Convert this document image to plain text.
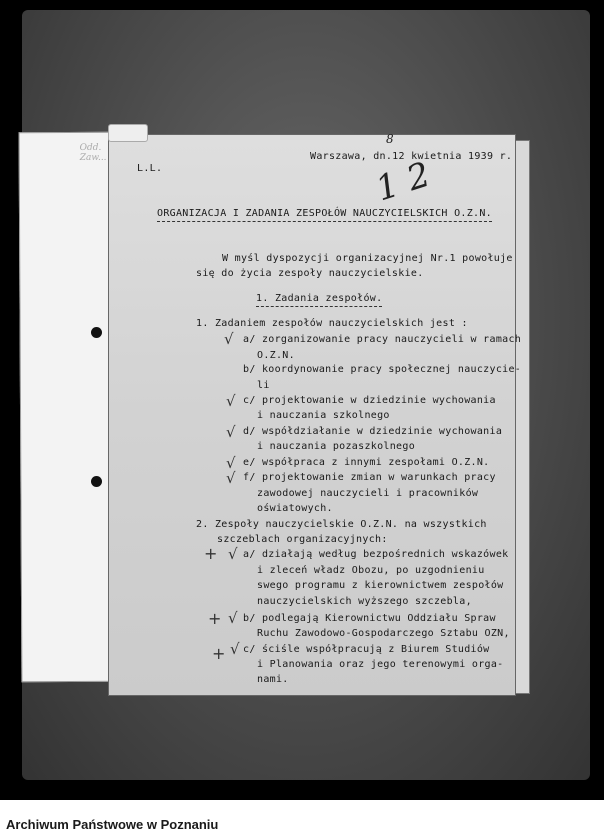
Odd. Zaw...	Warszawa, dn.12 kwietnia 1939 r.
L.L.
8
1 2
ORGANIZACJA I ZADANIA ZESPOŁÓW NAUCZYCIELSKICH O.Z.N.
W myśl dyspozycji organizacyjnej Nr.1 powołuje
się do życia zespoły nauczycielskie.
1. Zadania zespołów.
1. Zadaniem zespołów nauczycielskich jest :
a/ zorganizowanie pracy nauczycieli w ramach
O.Z.N.
b/ koordynowanie pracy społecznej nauczycie-
li
c/ projektowanie w dziedzinie wychowania
i nauczania szkolnego
d/ współdziałanie w dziedzinie wychowania
i nauczania pozaszkolnego
e/ współpraca z innymi zespołami O.Z.N.
f/ projektowanie zmian w warunkach pracy
zawodowej nauczycieli i pracowników
oświatowych.
2. Zespoły nauczycielskie O.Z.N. na wszystkich
szczeblach organizacyjnych:
a/ działają według bezpośrednich wskazówek
i zleceń władz Obozu, po uzgodnieniu
swego programu z kierownictwem zespołów
nauczycielskich wyższego szczebla,
b/ podlegają Kierownictwu Oddziału Spraw
Ruchu Zawodowo-Gospodarczego Sztabu OZN,
c/ ściśle współpracują z Biurem Studiów
i Planowania oraz jego terenowymi orga-
nami.
√
√
√
√
√
+ √
+ √
+ √
Archiwum Państwowe w Poznaniu
